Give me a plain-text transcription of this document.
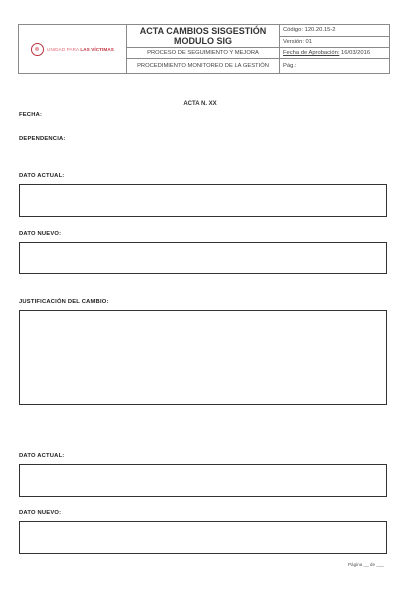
UNIDAD PARA LAS VÍCTIMAS	ACTA CAMBIOS SISGESTIÓN MODULO SIG	Código: 120.20.15-2
		Versión: 01
	PROCESO DE SEGUIMIENTO Y MEJORA	Fecha de Aprobación: 16/03/2016
	PROCEDIMIENTO MONITOREO DE LA GESTIÓN	Pág.:
ACTA N. XX
FECHA:
DEPENDENCIA:
DATO ACTUAL:
DATO NUEVO:
JUSTIFICACIÓN DEL CAMBIO:
DATO ACTUAL:
DATO NUEVO:
Página __ de ___
